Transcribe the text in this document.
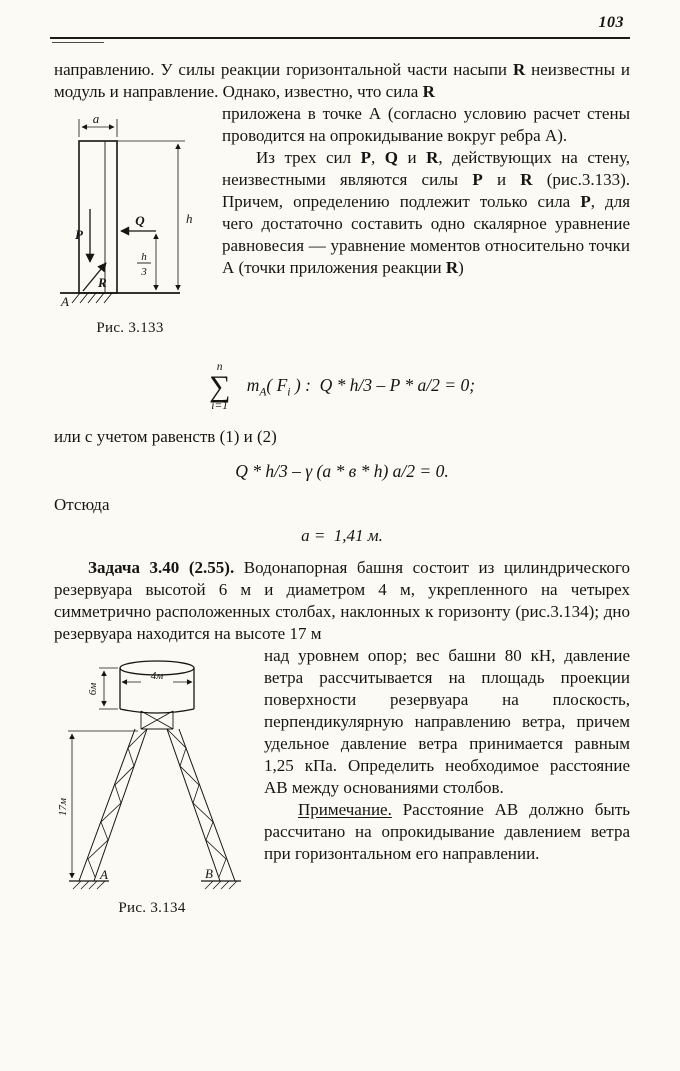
103

направлению. У силы реакции горизонтальной части насыпи R неизвестны и модуль и направление. Однако, известно, что сила R

a
h
Q
h
3
P
R
A
Рис. 3.133

приложена в точке А (согласно условию расчет стены проводится на опрокидывание вокруг ребра А).

Из трех сил P, Q и R, действующих на стену, неизвестными являются силы P и R (рис.3.133). Причем, определению подлежит только сила P, для чего достаточно составить одно скалярное уравнение равновесия — уравнение моментов относительно точки А (точки приложения реакции R)

n
∑
i=1
$m_A$( $F_i$ ) :  Q * h/3 – P * a/2 = 0;

или с учетом равенств (1) и (2)

Q * h/3 – γ (а * в * h) а/2 = 0.

Отсюда

а =  1,41 м.

Задача 3.40 (2.55). Водонапорная башня состоит из цилиндрического резервуара высотой 6 м и диаметром 4 м, укрепленного на четырех симметрично расположенных столбах, наклонных к горизонту (рис.3.134); дно резервуара находится на высоте 17 м

4м
6м
A	B
17м
Рис. 3.134

над уровнем опор; вес башни 80 кН, давление ветра рассчитывается на площадь проекции поверхности резервуара на плоскость, перпендикулярную направлению ветра, причем удельное давление ветра принимается равным 1,25 кПа. Определить необходимое расстояние АВ между основаниями столбов.

Примечание. Расстояние АВ должно быть рассчитано на опрокидывание давлением ветра при горизонтальном его направлении.
